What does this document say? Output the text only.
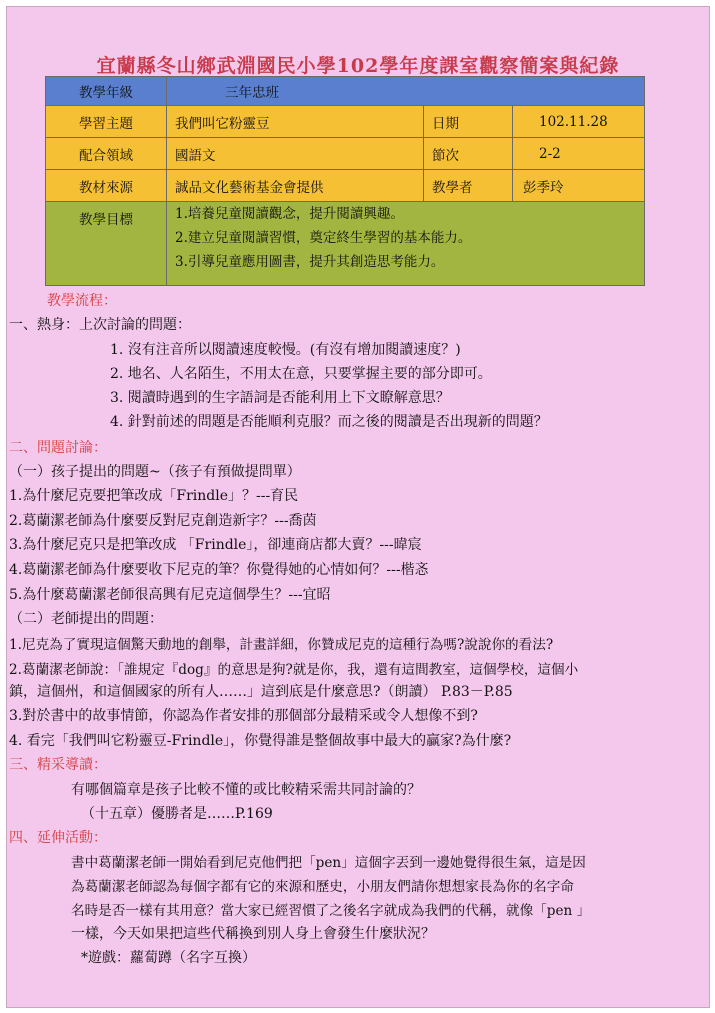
宜蘭縣冬山鄉武淵國民小學102學年度課室觀察簡案與紀錄
教學年級	三年忠班		
學習主題	我們叫它粉靈豆	日期	102.11.28
配合領域	國語文	節次	2-2
教材來源	誠品文化藝術基金會提供	教學者	彭季玲
教學目標	1.培養兒童閱讀觀念，提升閱讀興趣。
2.建立兒童閱讀習慣，奠定終生學習的基本能力。
3.引導兒童應用圖書，提升其創造思考能力。		
教學流程：
一、熱身：上次討論的問題：
1. 沒有注音所以閱讀速度較慢。(有沒有增加閱讀速度？)
2. 地名、人名陌生，不用太在意，只要掌握主要的部分即可。
3. 閱讀時遇到的生字語詞是否能利用上下文瞭解意思？
4. 針對前述的問題是否能順利克服？而之後的閱讀是否出現新的問題？
二、問題討論：
（一）孩子提出的問題~（孩子有預做提問單）
1.為什麼尼克要把筆改成「Frindle」？---育民
2.葛蘭潔老師為什麼要反對尼克創造新字？---喬茵
3.為什麼尼克只是把筆改成 「Frindle」，卻連商店都大賣？---暐宸
4.葛蘭潔老師為什麼要收下尼克的筆？你覺得她的心情如何？---楷忞
5.為什麼葛蘭潔老師很高興有尼克這個學生？---宜昭
（二）老師提出的問題：
1.尼克為了實現這個驚天動地的創舉，計畫詳細，你贊成尼克的這種行為嗎?說說你的看法?
2.葛蘭潔老師說：「誰規定『dog』的意思是狗?就是你，我，還有這間教室，這個學校，這個小
鎮，這個州，和這個國家的所有人……」這到底是什麼意思?（朗讀） P.83－P.85
3.對於書中的故事情節，你認為作者安排的那個部分最精采或令人想像不到?
4. 看完「我們叫它粉靈豆-Frindle」，你覺得誰是整個故事中最大的贏家?為什麼?
三、精采導讀：
有哪個篇章是孩子比較不懂的或比較精采需共同討論的？
（十五章）優勝者是……P.169
四、延伸活動：
書中葛蘭潔老師一開始看到尼克他們把「pen」這個字丟到一邊她覺得很生氣，這是因
為葛蘭潔老師認為每個字都有它的來源和歷史，小朋友們請你想想家長為你的名字命
名時是否一樣有其用意？當大家已經習慣了之後名字就成為我們的代稱，就像「pen 」
一樣，今天如果把這些代稱換到別人身上會發生什麼狀況？
*遊戲：蘿蔔蹲（名字互換）
